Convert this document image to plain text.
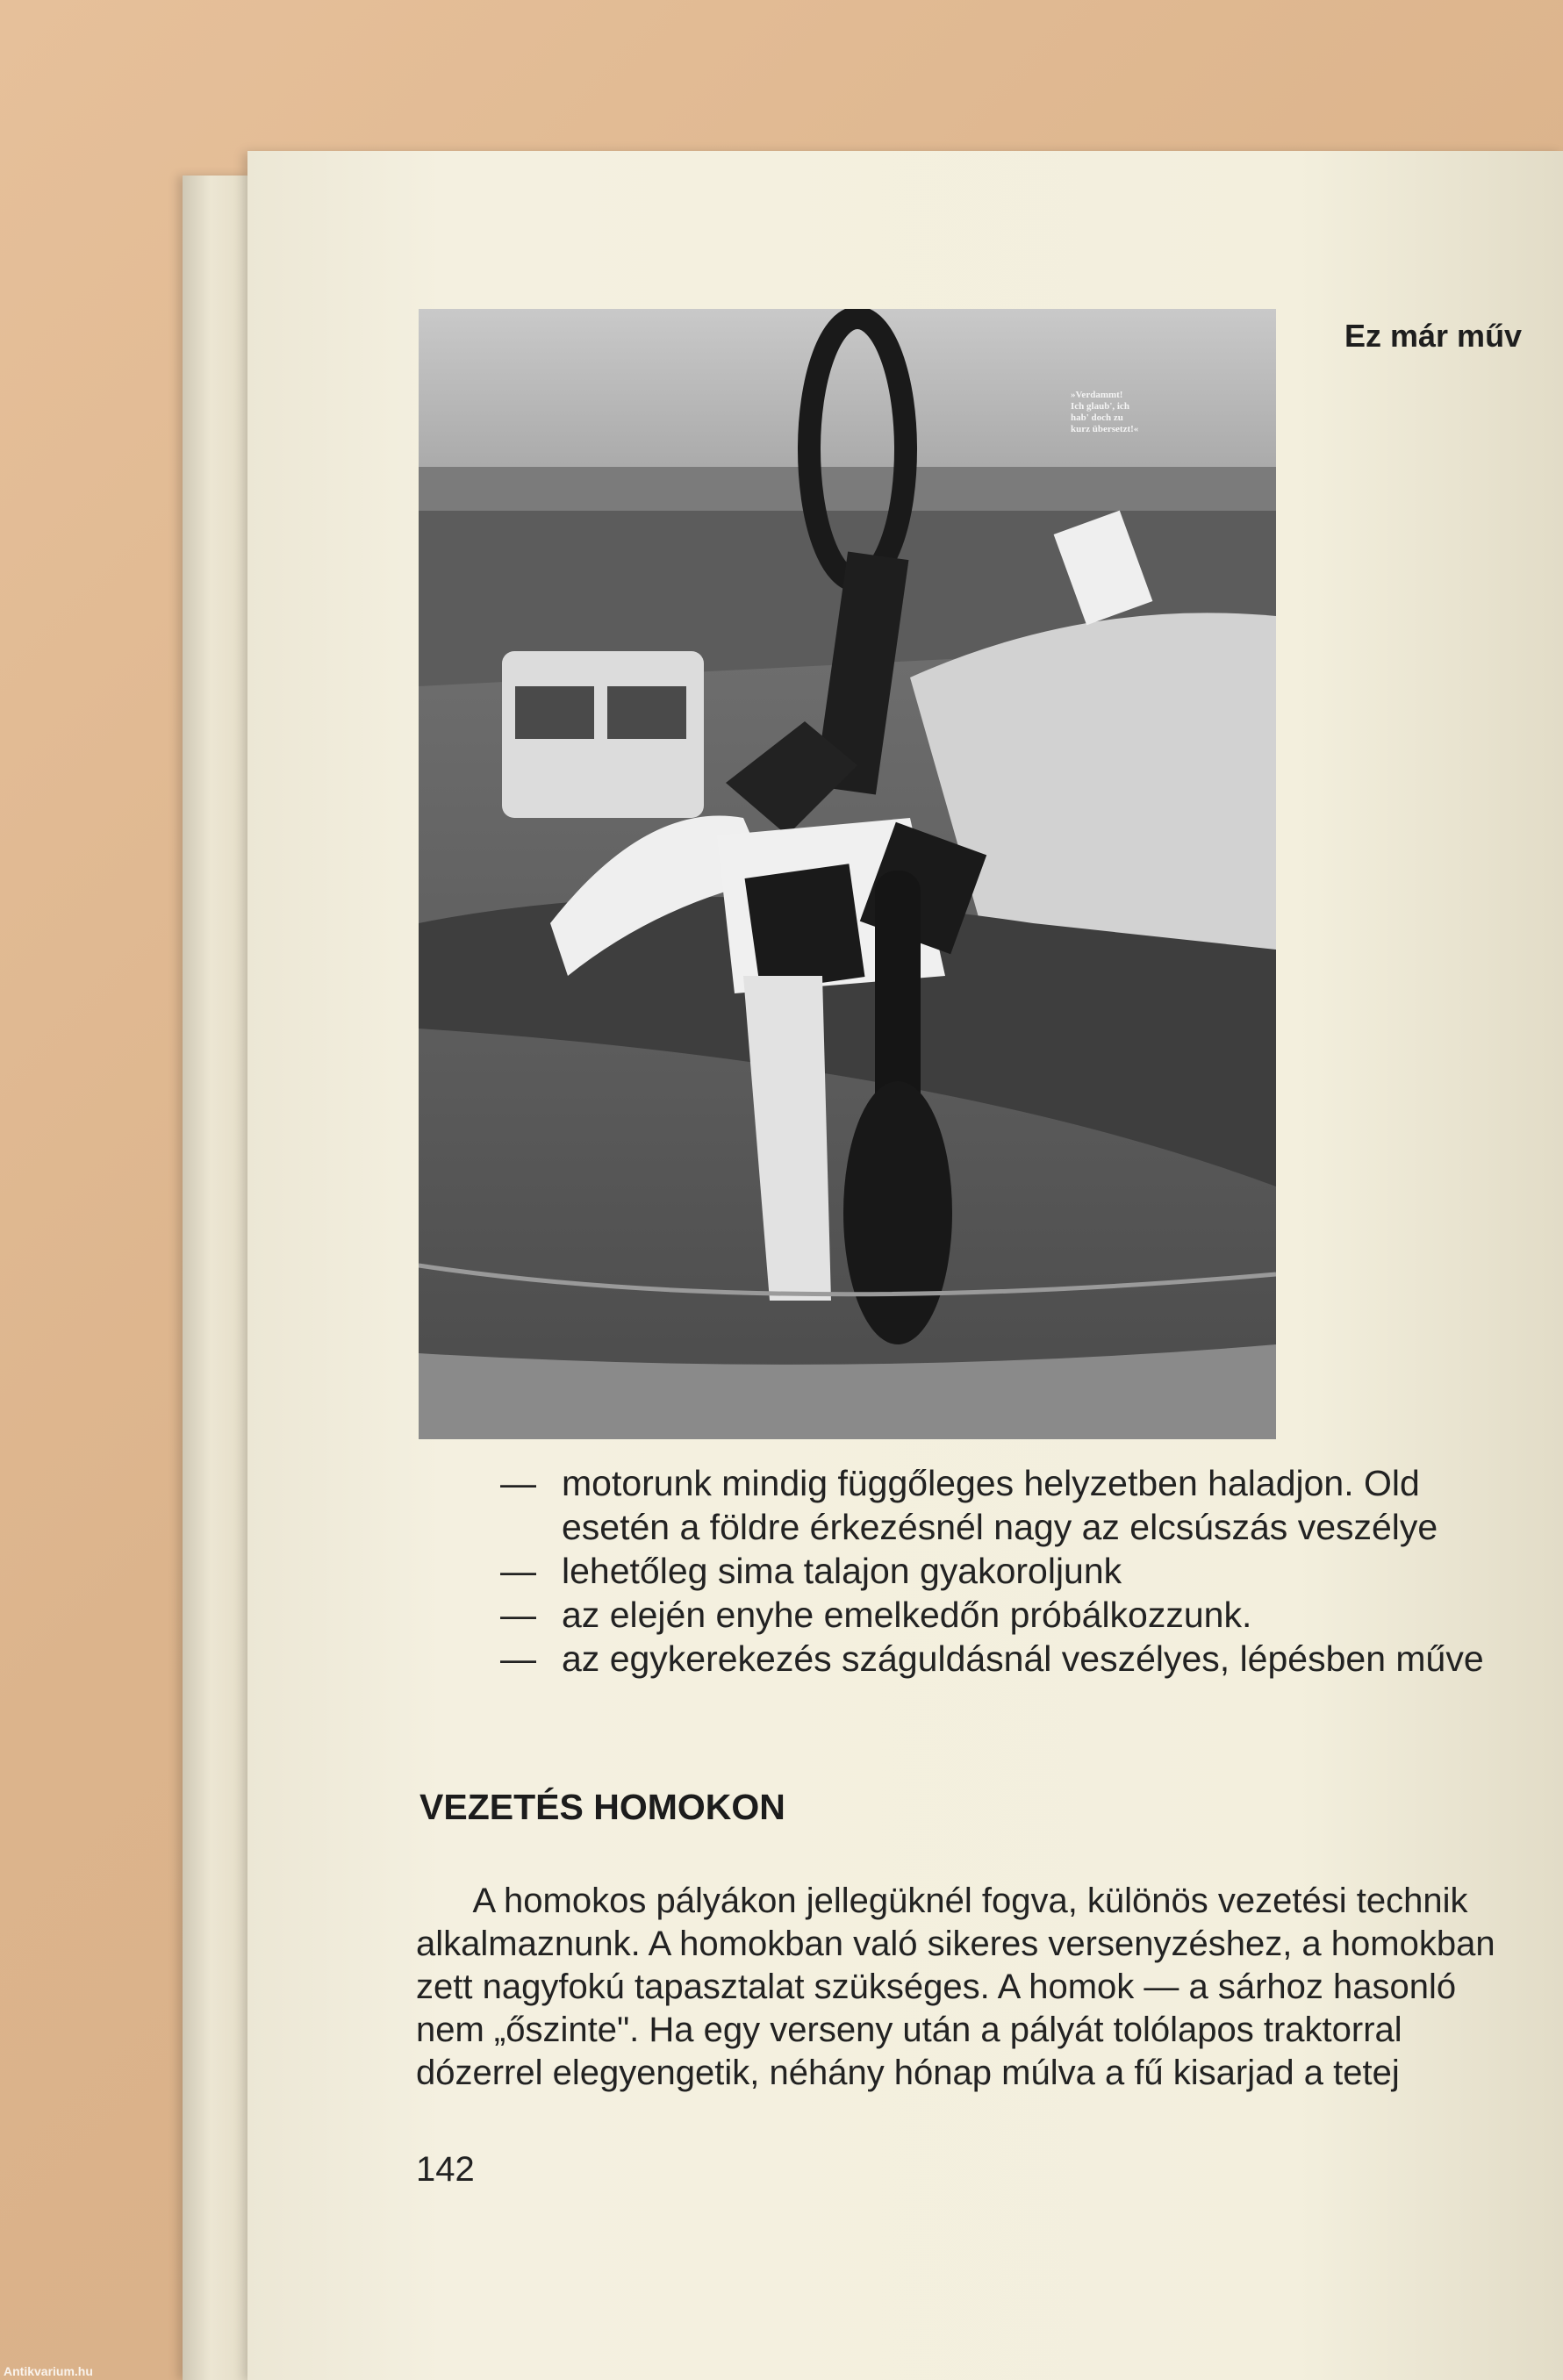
»Verdammt!
Ich glaub', ich
hab' doch zu
kurz übersetzt!«
Ez már műv
— motorunk mindig függőleges helyzetben haladjon. Old
esetén a földre érkezésnél nagy az elcsúszás veszélye
— lehetőleg sima talajon gyakoroljunk
— az elején enyhe emelkedőn próbálkozzunk.
— az egykerekezés száguldásnál veszélyes, lépésben műve
VEZETÉS HOMOKON
A homokos pályákon jellegüknél fogva, különös vezetési technik
alkalmaznunk. A homokban való sikeres versenyzéshez, a homokban
zett nagyfokú tapasztalat szükséges. A homok — a sárhoz hasonló
nem „őszinte". Ha egy verseny után a pályát tolólapos traktorral
dózerrel elegyengetik, néhány hónap múlva a fű kisarjad a tetej
142
Antikvarium.hu
